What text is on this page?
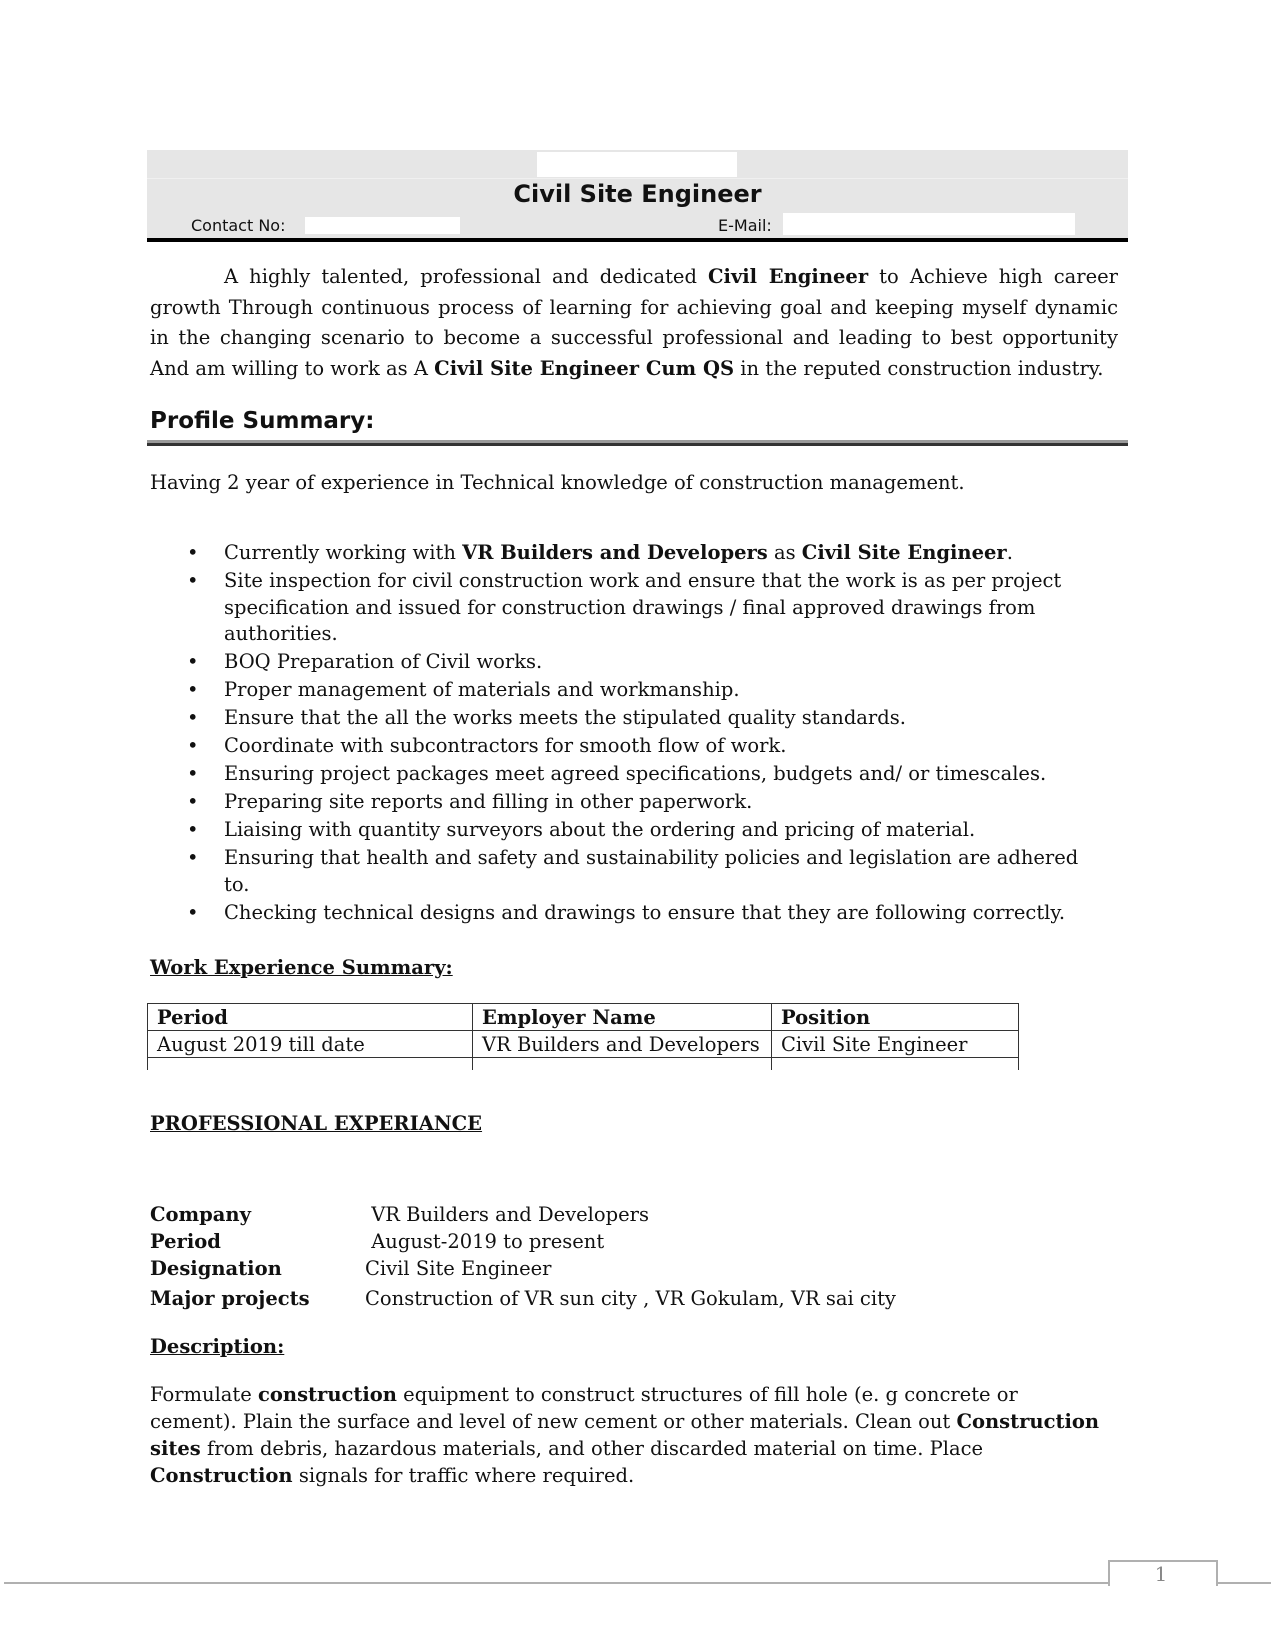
Civil Site Engineer
Contact No:	E-Mail:
A highly talented, professional and dedicated Civil Engineer to Achieve high career growth Through continuous process of learning for achieving goal and keeping myself dynamic in the changing scenario to become a successful professional and leading to best opportunity And am willing to work as A Civil Site Engineer Cum QS in the reputed construction industry.
Profile Summary:
Having 2 year of experience in Technical knowledge of construction management.
• Currently working with VR Builders and Developers as Civil Site Engineer.
• Site inspection for civil construction work and ensure that the work is as per project specification and issued for construction drawings / final approved drawings from authorities.
• BOQ Preparation of Civil works.
• Proper management of materials and workmanship.
• Ensure that the all the works meets the stipulated quality standards.
• Coordinate with subcontractors for smooth flow of work.
• Ensuring project packages meet agreed specifications, budgets and/ or timescales.
• Preparing site reports and filling in other paperwork.
• Liaising with quantity surveyors about the ordering and pricing of material.
• Ensuring that health and safety and sustainability policies and legislation are adhered to.
• Checking technical designs and drawings to ensure that they are following correctly.
Work Experience Summary:
Period	Employer Name	Position
August 2019 till date	VR Builders and Developers	Civil Site Engineer

PROFESSIONAL EXPERIANCE
Company	VR Builders and Developers
Period	August-2019 to present
Designation	Civil Site Engineer
Major projects	Construction of VR sun city , VR Gokulam, VR sai city
Description:
Formulate construction equipment to construct structures of fill hole (e. g concrete or cement). Plain the surface and level of new cement or other materials. Clean out Construction sites from debris, hazardous materials, and other discarded material on time. Place Construction signals for traffic where required.
1
